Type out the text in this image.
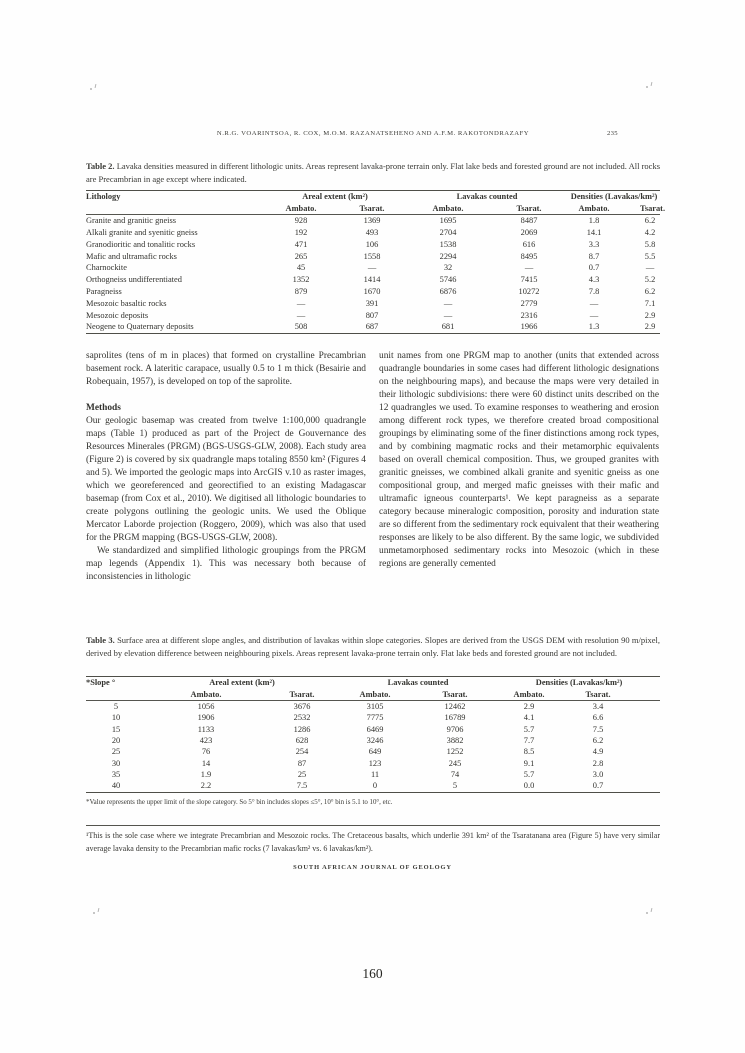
N.R.G. VOARINTSOA, R. COX, M.O.M. RAZANATSEHENO AND A.F.M. RAKOTONDRAZAFY	235
Table 2. Lavaka densities measured in different lithologic units. Areas represent lavaka-prone terrain only. Flat lake beds and forested ground are not included. All rocks are Precambrian in age except where indicated.
Lithology	Areal extent (km²)		Lavakas counted		Densities (Lavakas/km²)	
	Ambato.	Tsarat.	Ambato.	Tsarat.	Ambato.	Tsarat.
Granite and granitic gneiss	928	1369	1695	8487	1.8	6.2
Alkali granite and syenitic gneiss	192	493	2704	2069	14.1	4.2
Granodioritic and tonalitic rocks	471	106	1538	616	3.3	5.8
Mafic and ultramafic rocks	265	1558	2294	8495	8.7	5.5
Charnockite	45	—	32	—	0.7	—
Orthogneiss undifferentiated	1352	1414	5746	7415	4.3	5.2
Paragneiss	879	1670	6876	10272	7.8	6.2
Mesozoic basaltic rocks	—	391	—	2779	—	7.1
Mesozoic deposits	—	807	—	2316	—	2.9
Neogene to Quaternary deposits	508	687	681	1966	1.3	2.9

saprolites (tens of m in places) that formed on crystalline Precambrian basement rock. A lateritic carapace, usually 0.5 to 1 m thick (Besairie and Robequain, 1957), is developed on top of the saprolite.

Methods

Our geologic basemap was created from twelve 1:100,000 quadrangle maps (Table 1) produced as part of the Project de Gouvernance des Resources Minerales (PRGM) (BGS-USGS-GLW, 2008). Each study area (Figure 2) is covered by six quadrangle maps totaling 8550 km² (Figures 4 and 5). We imported the geologic maps into ArcGIS v.10 as raster images, which we georeferenced and georectified to an existing Madagascar basemap (from Cox et al., 2010). We digitised all lithologic boundaries to create polygons outlining the geologic units. We used the Oblique Mercator Laborde projection (Roggero, 2009), which was also that used for the PRGM mapping (BGS-USGS-GLW, 2008).

We standardized and simplified lithologic groupings from the PRGM map legends (Appendix 1). This was necessary both because of inconsistencies in lithologic

unit names from one PRGM map to another (units that extended across quadrangle boundaries in some cases had different lithologic designations on the neighbouring maps), and because the maps were very detailed in their lithologic subdivisions: there were 60 distinct units described on the 12 quadrangles we used. To examine responses to weathering and erosion among different rock types, we therefore created broad compositional groupings by eliminating some of the finer distinctions among rock types, and by combining magmatic rocks and their metamorphic equivalents based on overall chemical composition. Thus, we grouped granites with granitic gneisses, we combined alkali granite and syenitic gneiss as one compositional group, and merged mafic gneisses with their mafic and ultramafic igneous counterparts¹. We kept paragneiss as a separate category because mineralogic composition, porosity and induration state are so different from the sedimentary rock equivalent that their weathering responses are likely to be also different. By the same logic, we subdivided unmetamorphosed sedimentary rocks into Mesozoic (which in these regions are generally cemented

Table 3. Surface area at different slope angles, and distribution of lavakas within slope categories. Slopes are derived from the USGS DEM with resolution 90 m/pixel, derived by elevation difference between neighbouring pixels. Areas represent lavaka-prone terrain only. Flat lake beds and forested ground are not included.
*Slope °	Areal extent (km²)		Lavakas counted		Densities (Lavakas/km²)	
	Ambato.	Tsarat.	Ambato.	Tsarat.	Ambato.	Tsarat.
5	1056	3676	3105	12462	2.9	3.4
10	1906	2532	7775	16789	4.1	6.6
15	1133	1286	6469	9706	5.7	7.5
20	423	628	3246	3882	7.7	6.2
25	76	254	649	1252	8.5	4.9
30	14	87	123	245	9.1	2.8
35	1.9	25	11	74	5.7	3.0
40	2.2	7.5	0	5	0.0	0.7
*Value represents the upper limit of the slope category. So 5° bin includes slopes ≤5°, 10° bin is 5.1 to 10°, etc.
¹This is the sole case where we integrate Precambrian and Mesozoic rocks. The Cretaceous basalts, which underlie 391 km² of the Tsaratanana area (Figure 5) have very similar average lavaka density to the Precambrian mafic rocks (7 lavakas/km² vs. 6 lavakas/km²).
SOUTH AFRICAN JOURNAL OF GEOLOGY
160
